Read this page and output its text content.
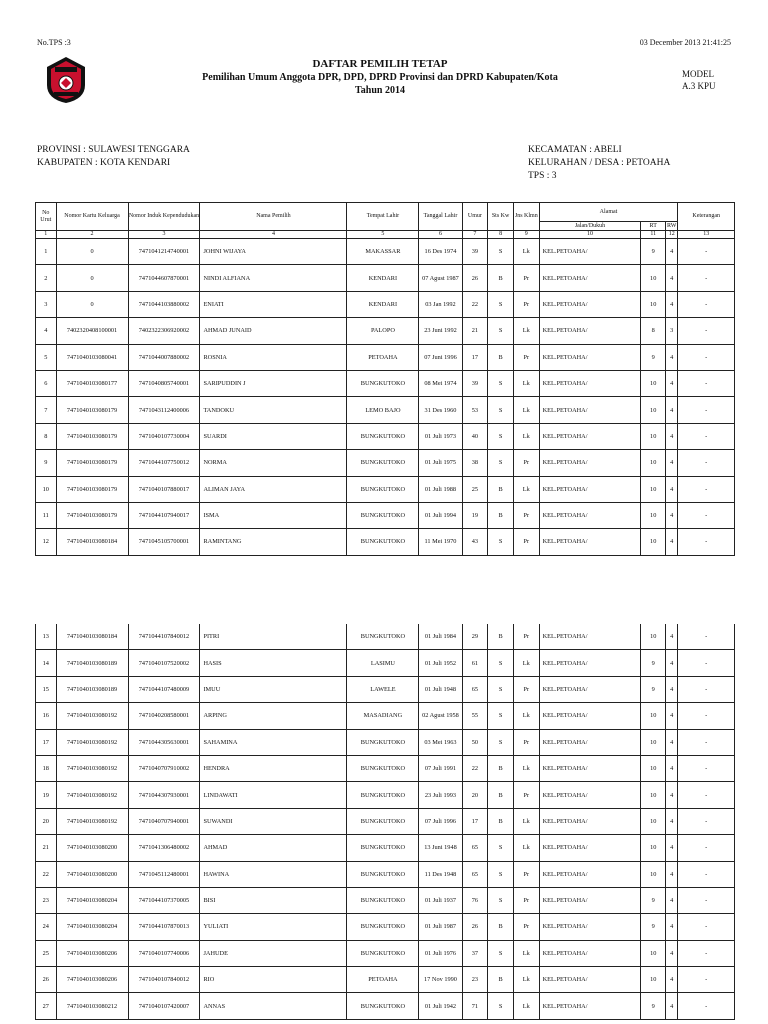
No.TPS :3	03 December 2013 21:41:25
DAFTAR PEMILIH TETAP
Pemilihan Umum Anggota DPR, DPD, DPRD Provinsi dan DPRD Kabupaten/Kota
Tahun 2014
MODEL
A.3 KPU
PROVINSI : SULAWESI TENGGARA
KABUPATEN : KOTA KENDARI
KECAMATAN : ABELI
KELURAHAN / DESA : PETOAHA
TPS : 3
No Urut	Nomor Kartu Keluarga	Nomor Induk Kependudukan	Nama Pemilih	Tempat Lahir	Tanggal Lahir	Umur	Sts Kw	Jns Klmn	Alamat			Keterangan
									Jalan/Dukuh	RT	RW	
1	2	3	4	5	6	7	8	9	10	11	12	13
1	0	7471041214740001	JOHNI WIJAYA	MAKASSAR	16 Des 1974	39	S	Lk	KEL.PETOAHA/	9	4	-
2	0	7471044607870001	NINDI ALFIANA	KENDARI	07 Agust 1987	26	B	Pr	KEL.PETOAHA/	10	4	-
3	0	7471044103880002	ENIATI	KENDARI	03 Jan 1992	22	S	Pr	KEL.PETOAHA/	10	4	-
4	7402320408100001	7402322306920002	AHMAD JUNAID	PALOPO	23 Juni 1992	21	S	Lk	KEL.PETOAHA/	8	3	-
5	7471040103080041	7471044007880002	ROSNIA	PETOAHA	07 Juni 1996	17	B	Pr	KEL.PETOAHA/	9	4	-
6	7471040103080177	7471040805740001	SARIPUDDIN J	BUNGKUTOKO	08 Mei 1974	39	S	Lk	KEL.PETOAHA/	10	4	-
7	7471040103080179	7471043112400006	TANDOKU	LEMO BAJO	31 Des 1960	53	S	Lk	KEL.PETOAHA/	10	4	-
8	7471040103080179	7471040107730004	SUARDI	BUNGKUTOKO	01 Juli 1973	40	S	Lk	KEL.PETOAHA/	10	4	-
9	7471040103080179	7471044107750012	NORMA	BUNGKUTOKO	01 Juli 1975	38	S	Pr	KEL.PETOAHA/	10	4	-
10	7471040103080179	7471040107880017	ALIMAN JAYA	BUNGKUTOKO	01 Juli 1988	25	B	Lk	KEL.PETOAHA/	10	4	-
11	7471040103080179	7471044107940017	ISMA	BUNGKUTOKO	01 Juli 1994	19	B	Pr	KEL.PETOAHA/	10	4	-
12	7471040103080184	7471045105700001	RAMINTANG	BUNGKUTOKO	11 Mei 1970	43	S	Pr	KEL.PETOAHA/	10	4	-
13	7471040103080184	7471044107840012	PITRI	BUNGKUTOKO	01 Juli 1984	29	B	Pr	KEL.PETOAHA/	10	4	-
14	7471040103080189	7471040107520002	HASIS	LASIMU	01 Juli 1952	61	S	Lk	KEL.PETOAHA/	9	4	-
15	7471040103080189	7471044107480009	IMUU	LAWELE	01 Juli 1948	65	S	Pr	KEL.PETOAHA/	9	4	-
16	7471040103080192	7471040208580001	ARPING	MASADIANG	02 Agust 1958	55	S	Lk	KEL.PETOAHA/	10	4	-
17	7471040103080192	7471044305630001	SAHAMINA	BUNGKUTOKO	03 Mei 1963	50	S	Pr	KEL.PETOAHA/	10	4	-
18	7471040103080192	7471040707910002	HENDRA	BUNGKUTOKO	07 Juli 1991	22	B	Lk	KEL.PETOAHA/	10	4	-
19	7471040103080192	7471044307930001	LINDAWATI	BUNGKUTOKO	23 Juli 1993	20	B	Pr	KEL.PETOAHA/	10	4	-
20	7471040103080192	7471040707940001	SUWANDI	BUNGKUTOKO	07 Juli 1996	17	B	Lk	KEL.PETOAHA/	10	4	-
21	7471040103080200	7471041306480002	AHMAD	BUNGKUTOKO	13 Juni 1948	65	S	Lk	KEL.PETOAHA/	10	4	-
22	7471040103080200	7471045112480001	HAWINA	BUNGKUTOKO	11 Des 1948	65	S	Pr	KEL.PETOAHA/	10	4	-
23	7471040103080204	7471044107370005	BISI	BUNGKUTOKO	01 Juli 1937	76	S	Pr	KEL.PETOAHA/	9	4	-
24	7471040103080204	7471044107870013	YULIATI	BUNGKUTOKO	01 Juli 1987	26	B	Pr	KEL.PETOAHA/	9	4	-
25	7471040103080206	7471040107740006	JAHUDE	BUNGKUTOKO	01 Juli 1976	37	S	Lk	KEL.PETOAHA/	10	4	-
26	7471040103080206	7471040107840012	RIO	PETOAHA	17 Nov 1990	23	B	Lk	KEL.PETOAHA/	10	4	-
27	7471040103080212	7471040107420007	ANNAS	BUNGKUTOKO	01 Juli 1942	71	S	Lk	KEL.PETOAHA/	9	4	-
